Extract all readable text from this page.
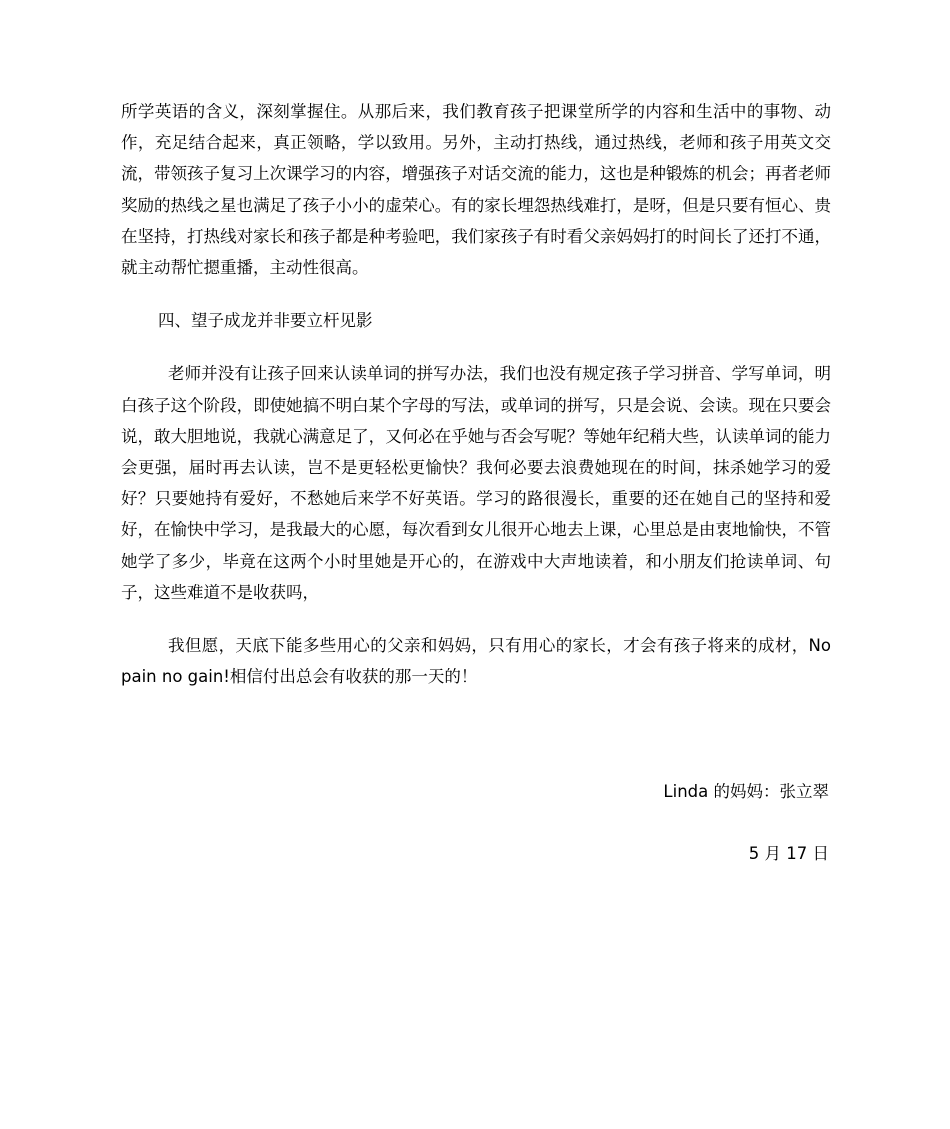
所学英语的含义，深刻掌握住。从那后来，我们教育孩子把课堂所学的内容和生活中的事物、动作，充足结合起来，真正领略，学以致用。另外，主动打热线，通过热线，老师和孩子用英文交流，带领孩子复习上次课学习的内容，增强孩子对话交流的能力，这也是种锻炼的机会；再者老师奖励的热线之星也满足了孩子小小的虚荣心。有的家长埋怨热线难打，是呀，但是只要有恒心、贵在坚持，打热线对家长和孩子都是种考验吧，我们家孩子有时看父亲妈妈打的时间长了还打不通，就主动帮忙摁重播，主动性很高。

四、望子成龙并非要立杆见影

老师并没有让孩子回来认读单词的拼写办法，我们也没有规定孩子学习拼音、学写单词，明白孩子这个阶段，即使她搞不明白某个字母的写法，或单词的拼写，只是会说、会读。现在只要会说，敢大胆地说，我就心满意足了，又何必在乎她与否会写呢？等她年纪稍大些，认读单词的能力会更强，届时再去认读，岂不是更轻松更愉快？我何必要去浪费她现在的时间，抹杀她学习的爱好？只要她持有爱好，不愁她后来学不好英语。学习的路很漫长，重要的还在她自己的坚持和爱好，在愉快中学习，是我最大的心愿，每次看到女儿很开心地去上课，心里总是由衷地愉快，不管她学了多少，毕竟在这两个小时里她是开心的，在游戏中大声地读着，和小朋友们抢读单词、句子，这些难道不是收获吗，

我但愿，天底下能多些用心的父亲和妈妈，只有用心的家长，才会有孩子将来的成材，No pain no gain!相信付出总会有收获的那一天的！

Linda 的妈妈：张立翠
5 月 17 日
